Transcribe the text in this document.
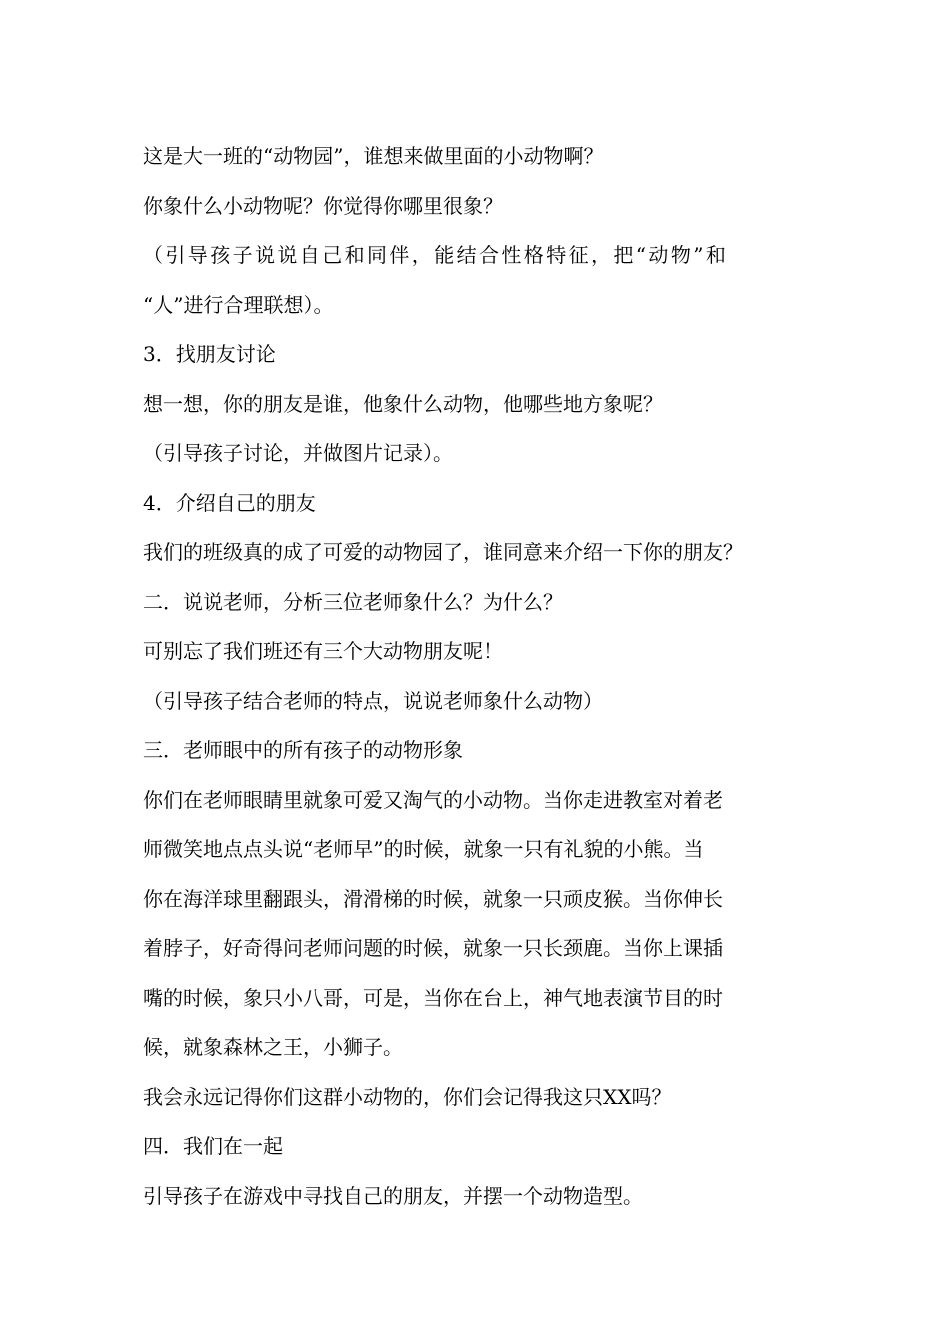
这是大一班的“动物园”，谁想来做里面的小动物啊？

你象什么小动物呢？你觉得你哪里很象？

（引导孩子说说自己和同伴，能结合性格特征，把“动物”和

“人”进行合理联想）。

3．找朋友讨论

想一想，你的朋友是谁，他象什么动物，他哪些地方象呢？

（引导孩子讨论，并做图片记录）。

4．介绍自己的朋友

我们的班级真的成了可爱的动物园了，谁同意来介绍一下你的朋友？

二．说说老师，分析三位老师象什么？为什么？

可别忘了我们班还有三个大动物朋友呢！

（引导孩子结合老师的特点，说说老师象什么动物）

三．老师眼中的所有孩子的动物形象

你们在老师眼睛里就象可爱又淘气的小动物。当你走进教室对着老

师微笑地点点头说“老师早”的时候，就象一只有礼貌的小熊。当

你在海洋球里翻跟头，滑滑梯的时候，就象一只顽皮猴。当你伸长

着脖子，好奇得问老师问题的时候，就象一只长颈鹿。当你上课插

嘴的时候，象只小八哥，可是，当你在台上，神气地表演节目的时

候，就象森林之王，小狮子。

我会永远记得你们这群小动物的，你们会记得我这只XX吗？

四．我们在一起

引导孩子在游戏中寻找自己的朋友，并摆一个动物造型。
